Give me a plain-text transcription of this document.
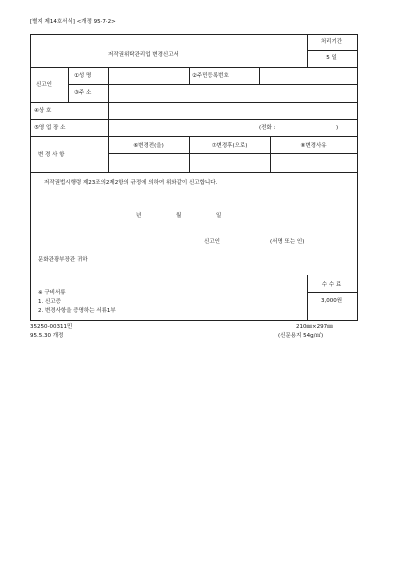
[별지 제14호서식] <개정 95·7·2>
저작권위탁관리업 변경신고서
처리기간
5 일
신고인
①성 명	②주민등록번호
③주 소
④상 호
⑤영 업 장 소	(전화 :	)
변 경 사 항
⑥변경전(을)	⑦변경후(으로)	⑧변경사유
저작권법시행령 제23조의2제2항의 규정에 의하여 위와같이 신고합니다.
년	월	일
신고인	(서명 또는 인)
문화관광부장관 귀하
수 수 료
3,000원
※ 구비서류
1. 신고증
2. 변경사항을 증명하는 서류1부
35250-00311민
95.5.30 개정
210㎜×297㎜
(신문용지 54g/㎡)
